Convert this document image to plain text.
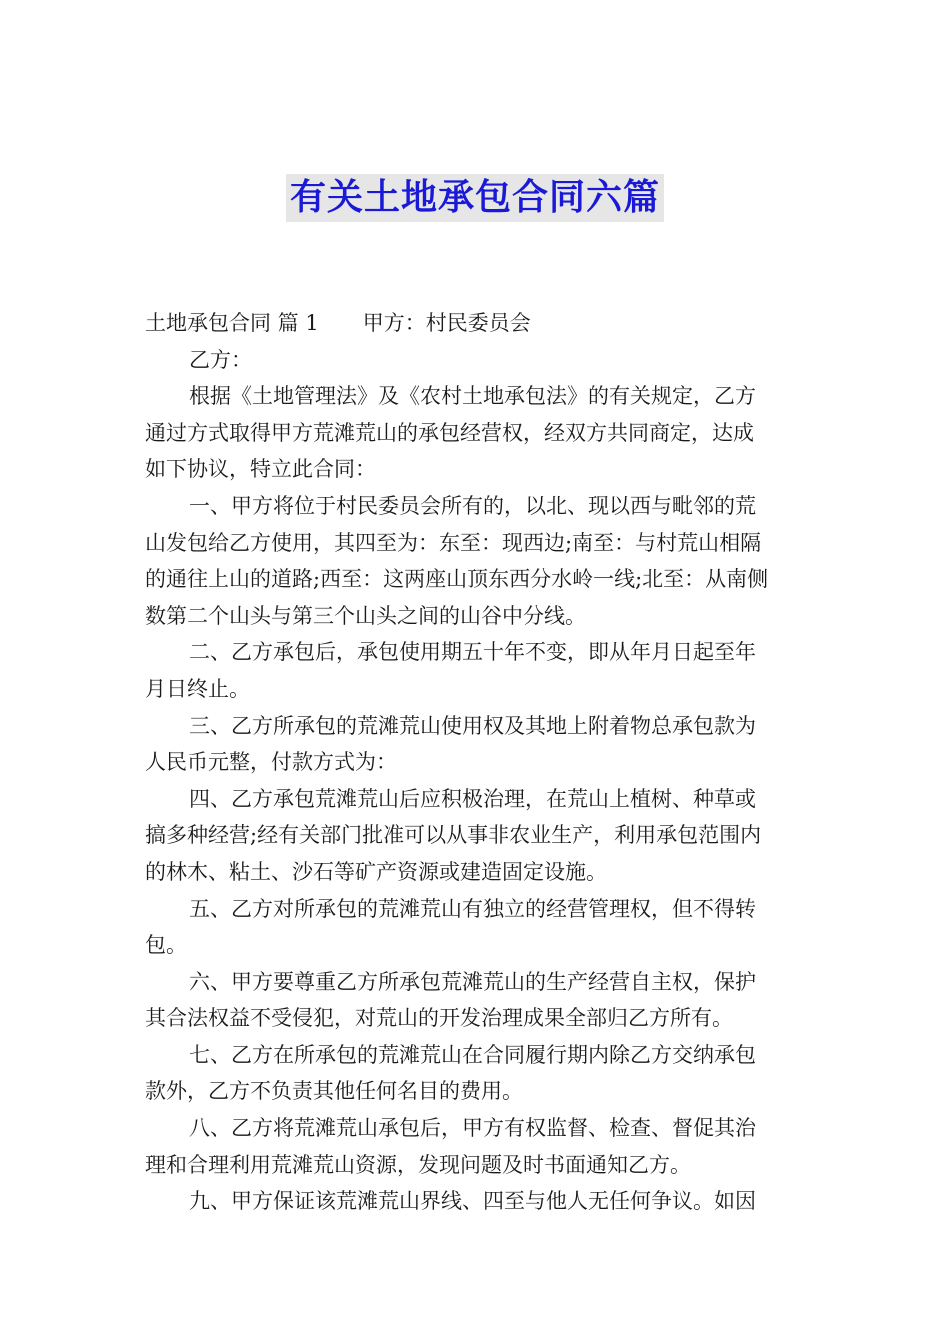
有关土地承包合同六篇
土地承包合同 篇 1 甲方：村民委员会
乙方：
根据《土地管理法》及《农村土地承包法》的有关规定，乙方
通过方式取得甲方荒滩荒山的承包经营权，经双方共同商定，达成
如下协议，特立此合同：
一、甲方将位于村民委员会所有的，以北、现以西与毗邻的荒
山发包给乙方使用，其四至为：东至：现西边;南至：与村荒山相隔
的通往上山的道路;西至：这两座山顶东西分水岭一线;北至：从南侧
数第二个山头与第三个山头之间的山谷中分线。
二、乙方承包后，承包使用期五十年不变，即从年月日起至年
月日终止。
三、乙方所承包的荒滩荒山使用权及其地上附着物总承包款为
人民币元整，付款方式为：
四、乙方承包荒滩荒山后应积极治理，在荒山上植树、种草或
搞多种经营;经有关部门批准可以从事非农业生产，利用承包范围内
的林木、粘土、沙石等矿产资源或建造固定设施。
五、乙方对所承包的荒滩荒山有独立的经营管理权，但不得转
包。
六、甲方要尊重乙方所承包荒滩荒山的生产经营自主权，保护
其合法权益不受侵犯，对荒山的开发治理成果全部归乙方所有。
七、乙方在所承包的荒滩荒山在合同履行期内除乙方交纳承包
款外，乙方不负责其他任何名目的费用。
八、乙方将荒滩荒山承包后，甲方有权监督、检查、督促其治
理和合理利用荒滩荒山资源，发现问题及时书面通知乙方。
九、甲方保证该荒滩荒山界线、四至与他人无任何争议。如因
